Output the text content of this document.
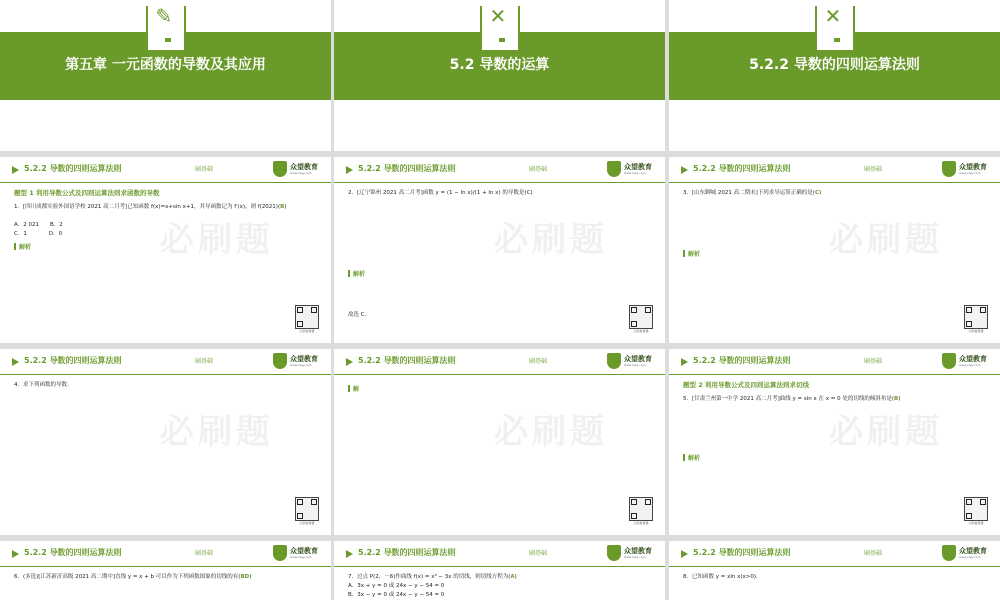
第五章 一元函数的导数及其应用
✎
5.2 导数的运算
✕
5.2.2 导数的四则运算法则
✕
5.2.2 导数的四则运算法则	刷基础	众望教育
www.zwjy.com
必刷题

题型 1 利用导数公式及四则运算法则求函数的导数

1．[四川成都实验外国语学校 2021 高二月考]已知函数 f(x)=x+sin x+1，其导函数记为 f′(x)，则 f(2021)(B)

A．2 021   B．2

C．1    	D．0

解析

扫码看微课
5.2.2 导数的四则运算法则	刷基础	众望教育
www.zwjy.com
必刷题

2．[辽宁锦州 2021 高二月考]函数 y = (1 − ln x)/(1 + ln x) 的导数是(C)

解析

故选 C.

扫码看微课
5.2.2 导数的四则运算法则	刷基础	众望教育
www.zwjy.com
必刷题

3．[山东聊城 2021 高二期末]下列求导运算正确的是(C)

解析

扫码看微课
5.2.2 导数的四则运算法则	刷基础	众望教育
www.zwjy.com
必刷题

4．求下列函数的导数．

扫码看微课
5.2.2 导数的四则运算法则	刷基础	众望教育
www.zwjy.com
必刷题

解

扫码看微课
5.2.2 导数的四则运算法则	刷基础	众望教育
www.zwjy.com
必刷题

题型 2 利用导数公式及四则运算法则求切线

5．[甘肃兰州第一中学 2021 高二月考]曲线 y = sin x 在 x = 0 处的切线的倾斜角是(B)

解析

扫码看微课
5.2.2 导数的四则运算法则	刷基础	众望教育
www.zwjy.com

6．(多选)[江苏新沂高级 2021 高二期中]直线 y = x + b 可以作为下列函数图象的切线的有(BD)

5.2.2 导数的四则运算法则	刷基础	众望教育
www.zwjy.com

7．过点 P(2，－6)作曲线 f(x) = x³ − 3x 的切线，则切线方程为(A)

A．3x + y = 0 或 24x − y − 54 = 0

B．3x − y = 0 或 24x − y − 54 = 0

5.2.2 导数的四则运算法则	刷基础	众望教育
www.zwjy.com

8．已知函数 y = xln x(x>0)．
